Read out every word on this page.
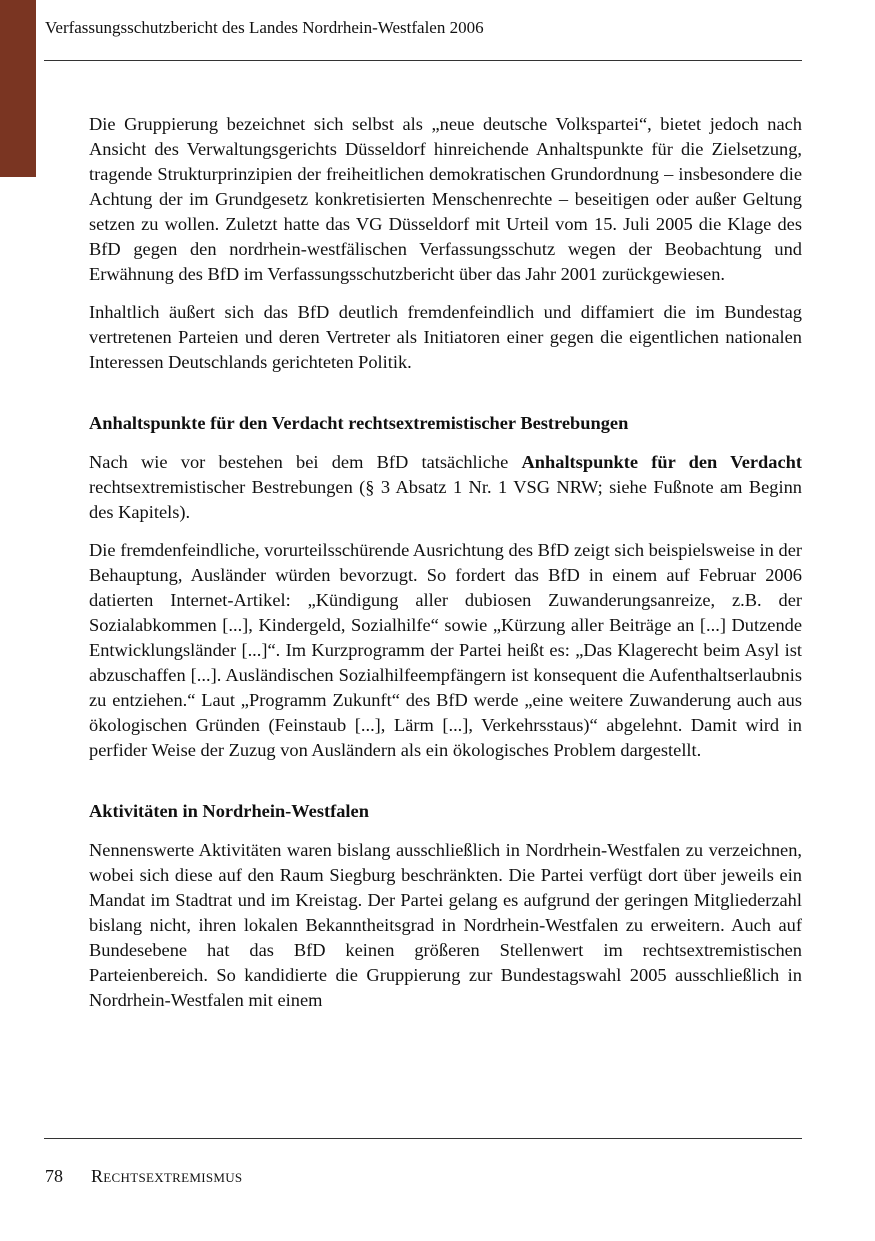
Verfassungsschutzbericht des Landes Nordrhein-Westfalen 2006

Die Gruppierung bezeichnet sich selbst als „neue deutsche Volkspartei“, bietet jedoch nach Ansicht des Verwaltungsgerichts Düsseldorf hinreichende Anhaltspunkte für die Zielsetzung, tragende Strukturprinzipien der freiheitlichen demokratischen Grundordnung – insbesondere die Achtung der im Grundgesetz konkretisierten Menschenrechte – beseitigen oder außer Geltung setzen zu wollen. Zuletzt hatte das VG Düsseldorf mit Urteil vom 15. Juli 2005 die Klage des BfD gegen den nordrhein-westfälischen Verfassungsschutz wegen der Beobachtung und Erwähnung des BfD im Verfassungsschutzbericht über das Jahr 2001 zurückgewiesen.

Inhaltlich äußert sich das BfD deutlich fremdenfeindlich und diffamiert die im Bundestag vertretenen Parteien und deren Vertreter als Initiatoren einer gegen die eigentlichen nationalen Interessen Deutschlands gerichteten Politik.

Anhaltspunkte für den Verdacht rechtsextremistischer Bestrebungen

Nach wie vor bestehen bei dem BfD tatsächliche Anhaltspunkte für den Verdacht rechtsextremistischer Bestrebungen (§ 3 Absatz 1 Nr. 1 VSG NRW; siehe Fußnote am Beginn des Kapitels).

Die fremdenfeindliche, vorurteilsschürende Ausrichtung des BfD zeigt sich beispielsweise in der Behauptung, Ausländer würden bevorzugt. So fordert das BfD in einem auf Februar 2006 datierten Internet-Artikel: „Kündigung aller dubiosen Zuwanderungsanreize, z.B. der Sozialabkommen [...], Kindergeld, Sozialhilfe“ sowie „Kürzung aller Beiträge an [...] Dutzende Entwicklungsländer [...]“. Im Kurzprogramm der Partei heißt es: „Das Klagerecht beim Asyl ist abzuschaffen [...]. Ausländischen Sozialhilfeempfängern ist konsequent die Aufenthaltserlaubnis zu entziehen.“ Laut „Programm Zukunft“ des BfD werde „eine weitere Zuwanderung auch aus ökologischen Gründen (Feinstaub [...], Lärm [...], Verkehrsstaus)“ abgelehnt. Damit wird in perfider Weise der Zuzug von Ausländern als ein ökologisches Problem dargestellt.

Aktivitäten in Nordrhein-Westfalen

Nennenswerte Aktivitäten waren bislang ausschließlich in Nordrhein-Westfalen zu verzeichnen, wobei sich diese auf den Raum Siegburg beschränkten. Die Partei verfügt dort über jeweils ein Mandat im Stadtrat und im Kreistag. Der Partei gelang es aufgrund der geringen Mitgliederzahl bislang nicht, ihren lokalen Bekanntheitsgrad in Nordrhein-Westfalen zu erweitern. Auch auf Bundesebene hat das BfD keinen größeren Stellenwert im rechtsextremistischen Parteienbereich. So kandidierte die Gruppierung zur Bundestagswahl 2005 ausschließlich in Nordrhein-Westfalen mit einem

78 Rechtsextremismus
